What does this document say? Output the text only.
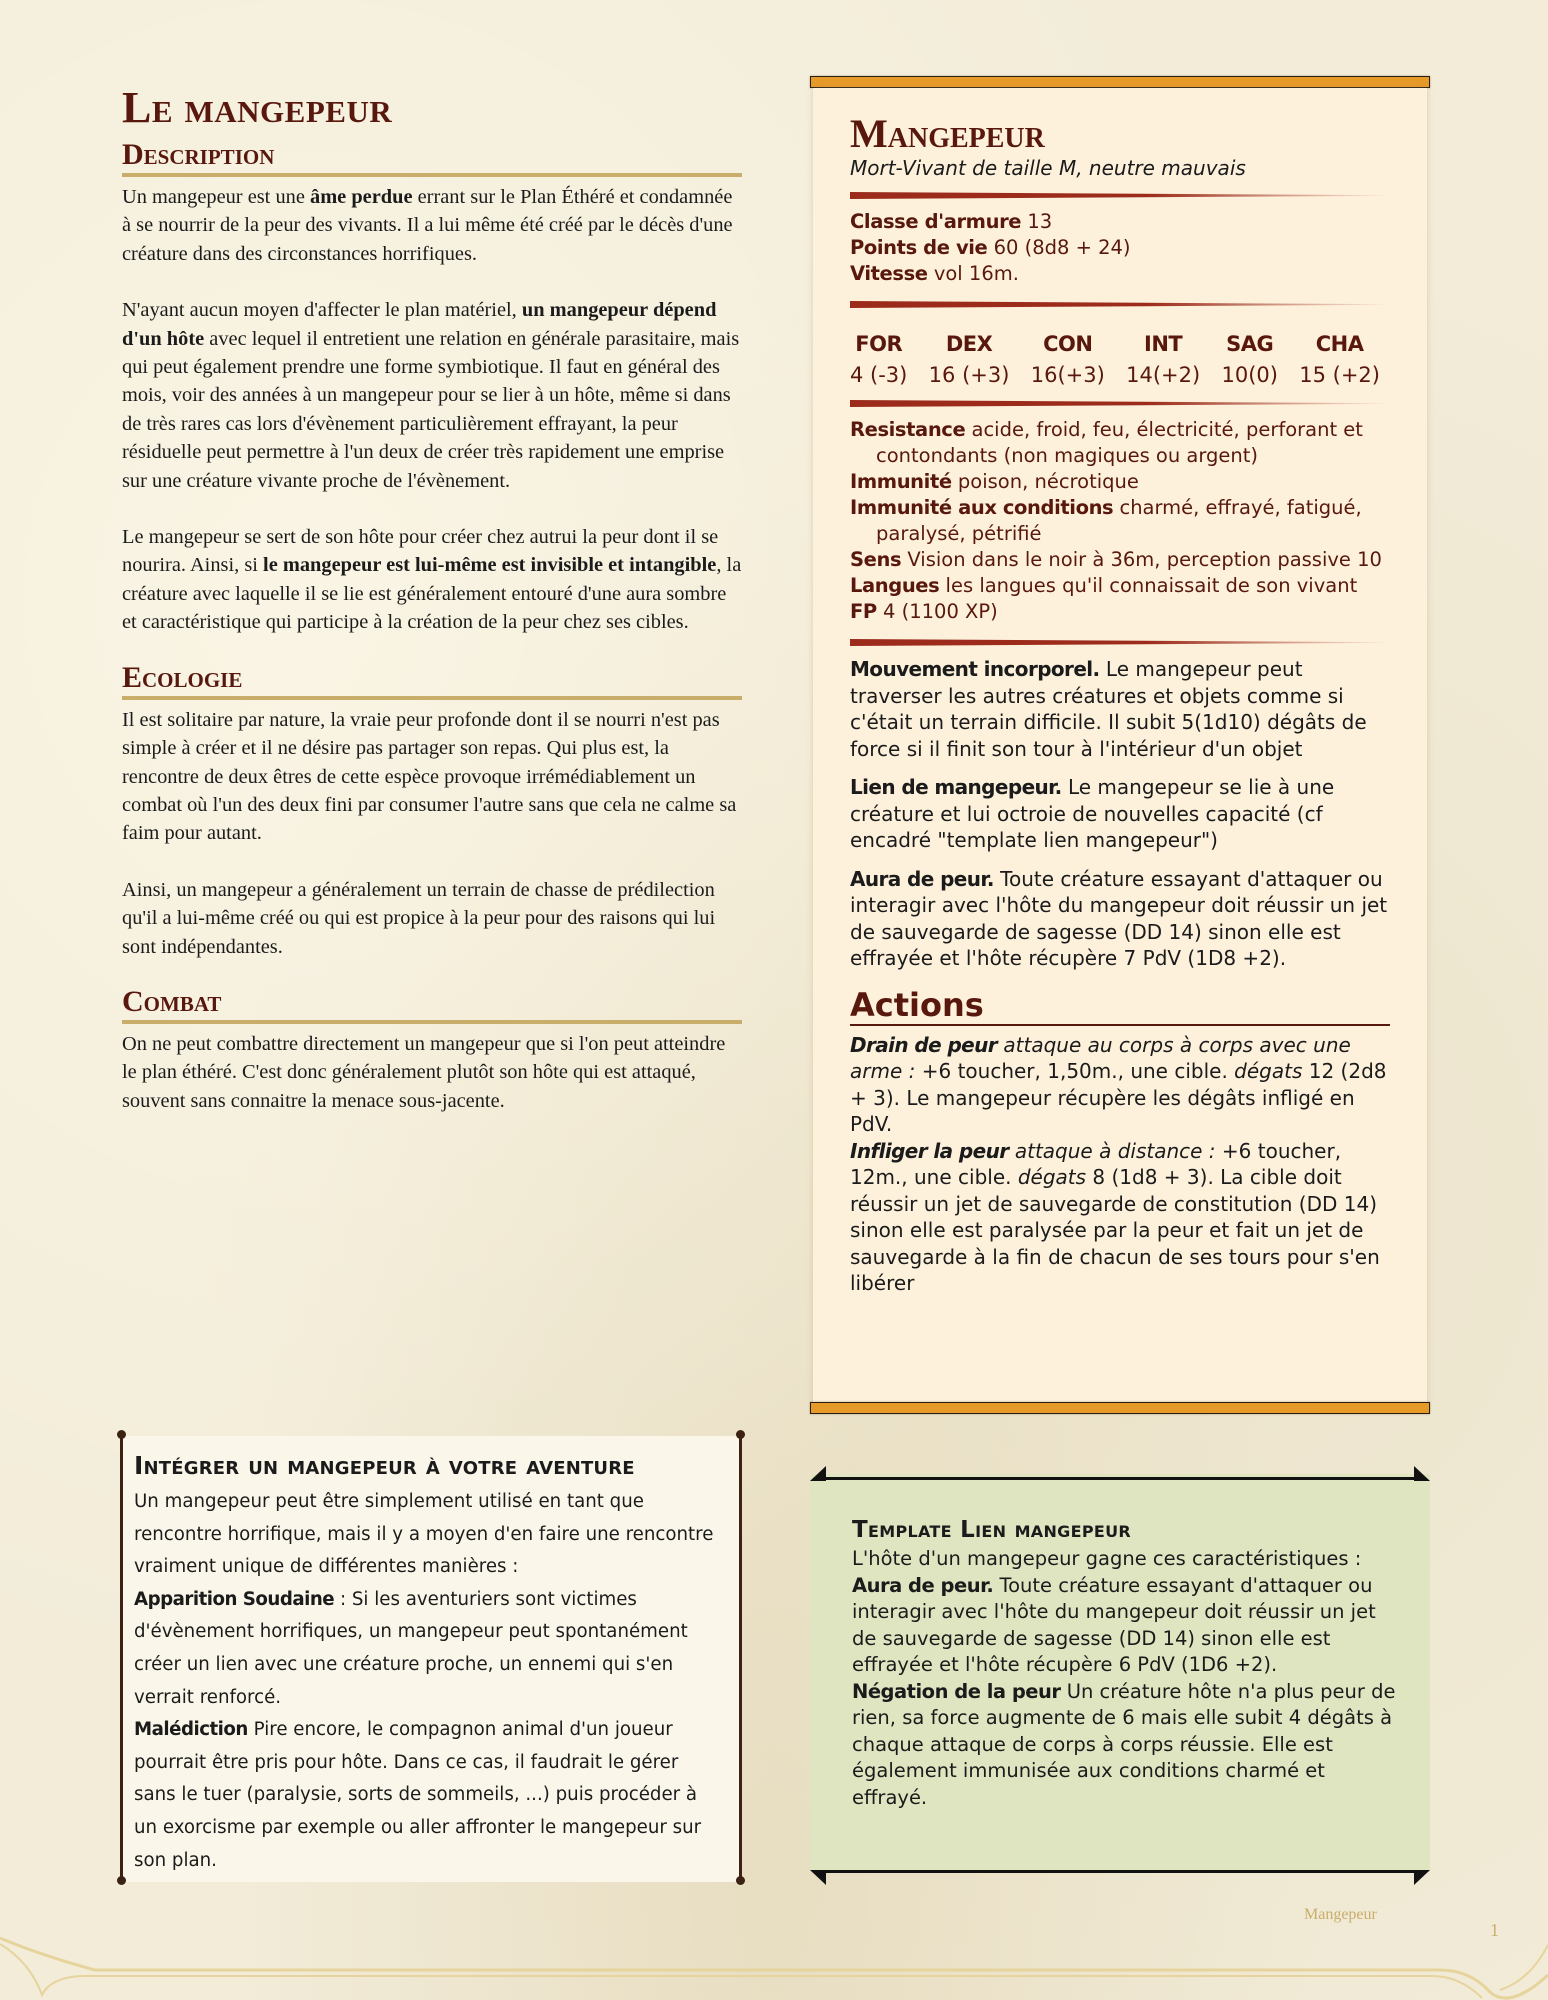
Le mangepeur
Description

Un mangepeur est une âme perdue errant sur le Plan Éthéré et condamnée à se nourrir de la peur des vivants. Il a lui même été créé par le décès d'une créature dans des circonstances horrifiques.

N'ayant aucun moyen d'affecter le plan matériel, un mangepeur dépend d'un hôte avec lequel il entretient une relation en générale parasitaire, mais qui peut également prendre une forme symbiotique. Il faut en général des mois, voir des années à un mangepeur pour se lier à un hôte, même si dans de très rares cas lors d'évènement particulièrement effrayant, la peur résiduelle peut permettre à l'un deux de créer très rapidement une emprise sur une créature vivante proche de l'évènement.

Le mangepeur se sert de son hôte pour créer chez autrui la peur dont il se nourira. Ainsi, si le mangepeur est lui-même est invisible et intangible, la créature avec laquelle il se lie est généralement entouré d'une aura sombre et caractéristique qui participe à la création de la peur chez ses cibles.

Ecologie

Il est solitaire par nature, la vraie peur profonde dont il se nourri n'est pas simple à créer et il ne désire pas partager son repas. Qui plus est, la rencontre de deux êtres de cette espèce provoque irrémédiablement un combat où l'un des deux fini par consumer l'autre sans que cela ne calme sa faim pour autant.

Ainsi, un mangepeur a généralement un terrain de chasse de prédilection qu'il a lui-même créé ou qui est propice à la peur pour des raisons qui lui sont indépendantes.

Combat

On ne peut combattre directement un mangepeur que si l'on peut atteindre le plan éthéré. C'est donc généralement plutôt son hôte qui est attaqué, souvent sans connaitre la menace sous-jacente.

Mangepeur

Mort-Vivant de taille M, neutre mauvais

Classe d'armure 13

Points de vie 60 (8d8 + 24)

Vitesse vol 16m.

FOR
4 (-3)
DEX
16 (+3)
CON
16(+3)
INT
14(+2)
SAG
10(0)
CHA
15 (+2)

Resistance acide, froid, feu, électricité, perforant et contondants (non magiques ou argent)

Immunité poison, nécrotique

Immunité aux conditions charmé, effrayé, fatigué, paralysé, pétrifié

Sens Vision dans le noir à 36m, perception passive 10

Langues les langues qu'il connaissait de son vivant

FP 4 (1100 XP)

Mouvement incorporel. Le mangepeur peut traverser les autres créatures et objets comme si c'était un terrain difficile. Il subit 5(1d10) dégâts de force si il finit son tour à l'intérieur d'un objet

Lien de mangepeur. Le mangepeur se lie à une créature et lui octroie de nouvelles capacité (cf encadré "template lien mangepeur")

Aura de peur. Toute créature essayant d'attaquer ou interagir avec l'hôte du mangepeur doit réussir un jet de sauvegarde de sagesse (DD 14) sinon elle est effrayée et l'hôte récupère 7 PdV (1D8 +2).

Actions

Drain de peur attaque au corps à corps avec une arme : +6 toucher, 1,50m., une cible. dégats 12 (2d8 + 3). Le mangepeur récupère les dégâts infligé en PdV.

Infliger la peur attaque à distance : +6 toucher, 12m., une cible. dégats 8 (1d8 + 3). La cible doit réussir un jet de sauvegarde de constitution (DD 14) sinon elle est paralysée par la peur et fait un jet de sauvegarde à la fin de chacun de ses tours pour s'en libérer

Intégrer un mangepeur à votre aventure

Un mangepeur peut être simplement utilisé en tant que rencontre horrifique, mais il y a moyen d'en faire une rencontre vraiment unique de différentes manières :

Apparition Soudaine : Si les aventuriers sont victimes d'évènement horrifiques, un mangepeur peut spontanément créer un lien avec une créature proche, un ennemi qui s'en verrait renforcé.

Malédiction Pire encore, le compagnon animal d'un joueur pourrait être pris pour hôte. Dans ce cas, il faudrait le gérer sans le tuer (paralysie, sorts de sommeils, ...) puis procéder à un exorcisme par exemple ou aller affronter le mangepeur sur son plan.

Template Lien mangepeur

L'hôte d'un mangepeur gagne ces caractéristiques :

Aura de peur. Toute créature essayant d'attaquer ou interagir avec l'hôte du mangepeur doit réussir un jet de sauvegarde de sagesse (DD 14) sinon elle est effrayée et l'hôte récupère 6 PdV (1D6 +2).

Négation de la peur Un créature hôte n'a plus peur de rien, sa force augmente de 6 mais elle subit 4 dégâts à chaque attaque de corps à corps réussie. Elle est également immunisée aux conditions charmé et effrayé.

Mangepeur
1
